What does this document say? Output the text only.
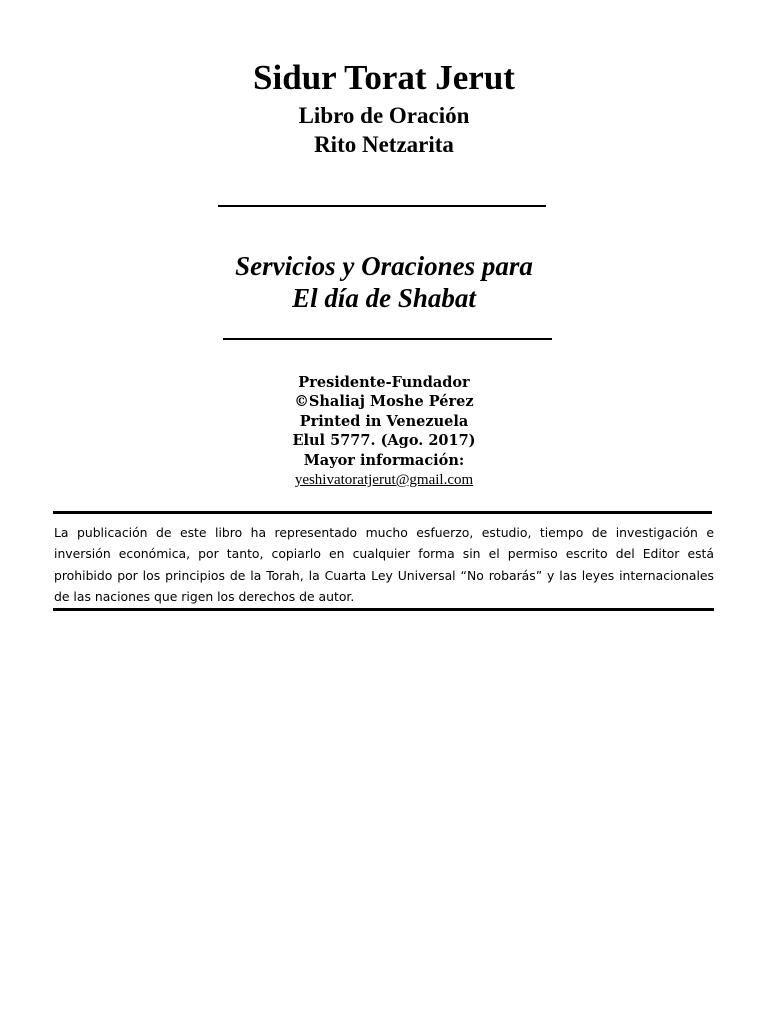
Sidur Torat Jerut
Libro de Oración
Rito Netzarita
Servicios y Oraciones para
El día de Shabat
Presidente-Fundador
©Shaliaj Moshe Pérez
Printed in Venezuela
Elul 5777. (Ago. 2017)
Mayor información:
yeshivatoratjerut@gmail.com
La publicación de este libro ha representado mucho esfuerzo, estudio, tiempo de investigación e inversión económica, por tanto, copiarlo en cualquier forma sin el permiso escrito del Editor está prohibido por los principios de la Torah, la Cuarta Ley Universal “No robarás” y las leyes internacionales de las naciones que rigen los derechos de autor.
